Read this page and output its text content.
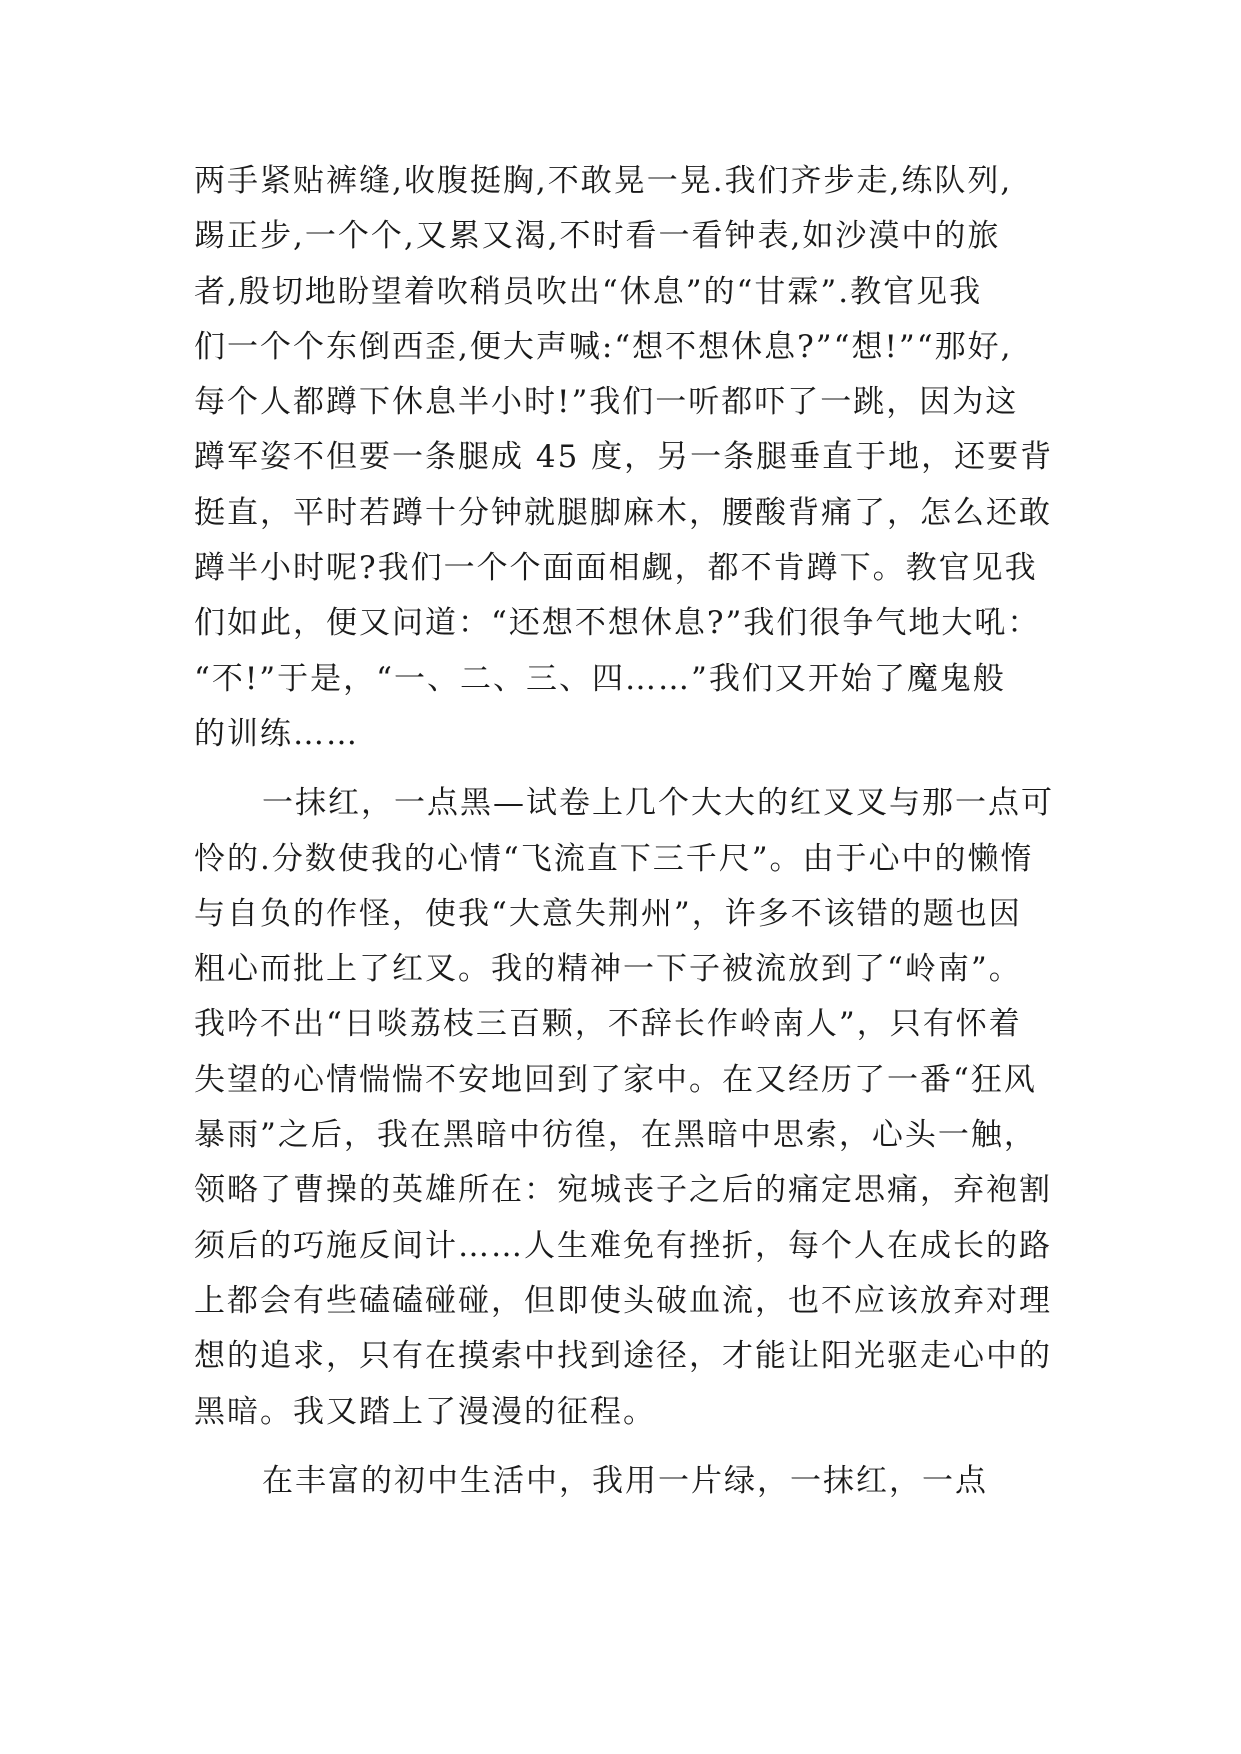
两手紧贴裤缝,收腹挺胸,不敢晃一晃.我们齐步走,练队列,
踢正步,一个个,又累又渴,不时看一看钟表,如沙漠中的旅
者,殷切地盼望着吹稍员吹出“休息”的“甘霖”.教官见我
们一个个东倒西歪,便大声喊:“想不想休息?”“想!”“那好,
每个人都蹲下休息半小时!”我们一听都吓了一跳，因为这
蹲军姿不但要一条腿成 45 度，另一条腿垂直于地，还要背
挺直，平时若蹲十分钟就腿脚麻木，腰酸背痛了，怎么还敢
蹲半小时呢?我们一个个面面相觑，都不肯蹲下。教官见我
们如此，便又问道：“还想不想休息?”我们很争气地大吼：
“不!”于是，“一、二、三、四……”我们又开始了魔鬼般
的训练……
一抹红，一点黑—试卷上几个大大的红叉叉与那一点可
怜的.分数使我的心情“飞流直下三千尺”。由于心中的懒惰
与自负的作怪，使我“大意失荆州”，许多不该错的题也因
粗心而批上了红叉。我的精神一下子被流放到了“岭南”。
我吟不出“日啖荔枝三百颗，不辞长作岭南人”，只有怀着
失望的心情惴惴不安地回到了家中。在又经历了一番“狂风
暴雨”之后，我在黑暗中彷徨，在黑暗中思索，心头一触，
领略了曹操的英雄所在：宛城丧子之后的痛定思痛，弃袍割
须后的巧施反间计……人生难免有挫折，每个人在成长的路
上都会有些磕磕碰碰，但即使头破血流，也不应该放弃对理
想的追求，只有在摸索中找到途径，才能让阳光驱走心中的
黑暗。我又踏上了漫漫的征程。
在丰富的初中生活中，我用一片绿，一抹红，一点
